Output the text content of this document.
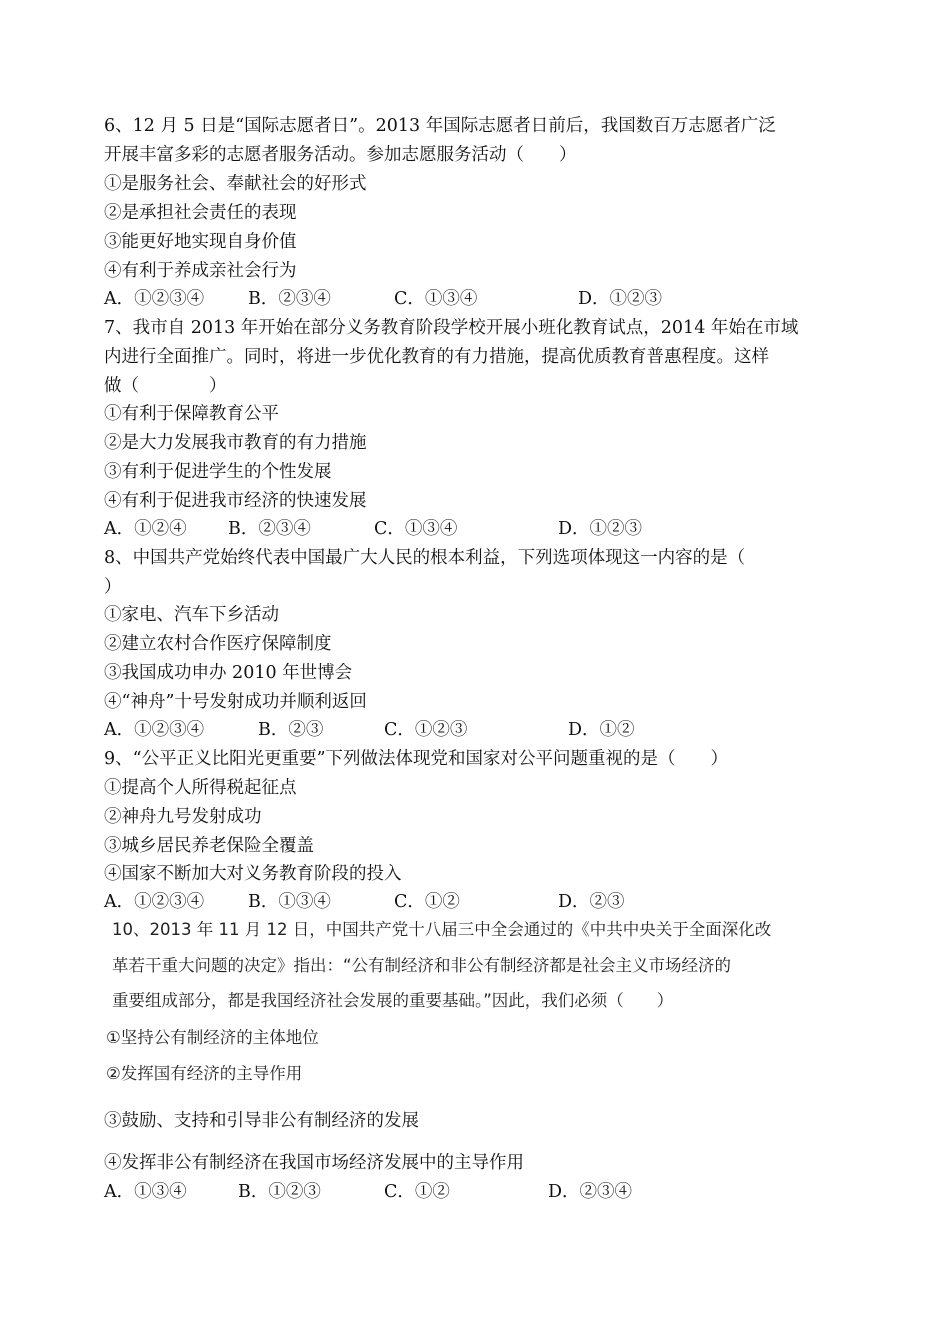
6、12 月 5 日是“国际志愿者日”。2013 年国际志愿者日前后，我国数百万志愿者广泛
开展丰富多彩的志愿者服务活动。参加志愿服务活动（　　）
①是服务社会、奉献社会的好形式
②是承担社会责任的表现
③能更好地实现自身价值
④有利于养成亲社会行为
A．①②③④	B．②③④	C．①③④	D．①②③
7、我市自 2013 年开始在部分义务教育阶段学校开展小班化教育试点，2014 年始在市域
内进行全面推广。同时，将进一步优化教育的有力措施，提高优质教育普惠程度。这样
做（　　　　）
①有利于保障教育公平
②是大力发展我市教育的有力措施
③有利于促进学生的个性发展
④有利于促进我市经济的快速发展
A．①②④ B．②③④	C．①③④	D．①②③
8、中国共产党始终代表中国最广大人民的根本利益，下列选项体现这一内容的是（
）
①家电、汽车下乡活动
②建立农村合作医疗保障制度
③我国成功申办 2010 年世博会
④“神舟”十号发射成功并顺利返回
A．①②③④	B．②③	C．①②③	D．①②
9、“公平正义比阳光更重要”下列做法体现党和国家对公平问题重视的是（　　）
①提高个人所得税起征点
②神舟九号发射成功
③城乡居民养老保险全覆盖
④国家不断加大对义务教育阶段的投入
A．①②③④	B．①③④	C．①②	D．②③
10、2013 年 11 月 12 日，中国共产党十八届三中全会通过的《中共中央关于全面深化改
革若干重大问题的决定》指出：“公有制经济和非公有制经济都是社会主义市场经济的
重要组成部分，都是我国经济社会发展的重要基础。”因此，我们必须（　　）
①坚持公有制经济的主体地位
②发挥国有经济的主导作用
③鼓励、支持和引导非公有制经济的发展
④发挥非公有制经济在我国市场经济发展中的主导作用
A．①③④	B．①②③	C．①②	D．②③④
